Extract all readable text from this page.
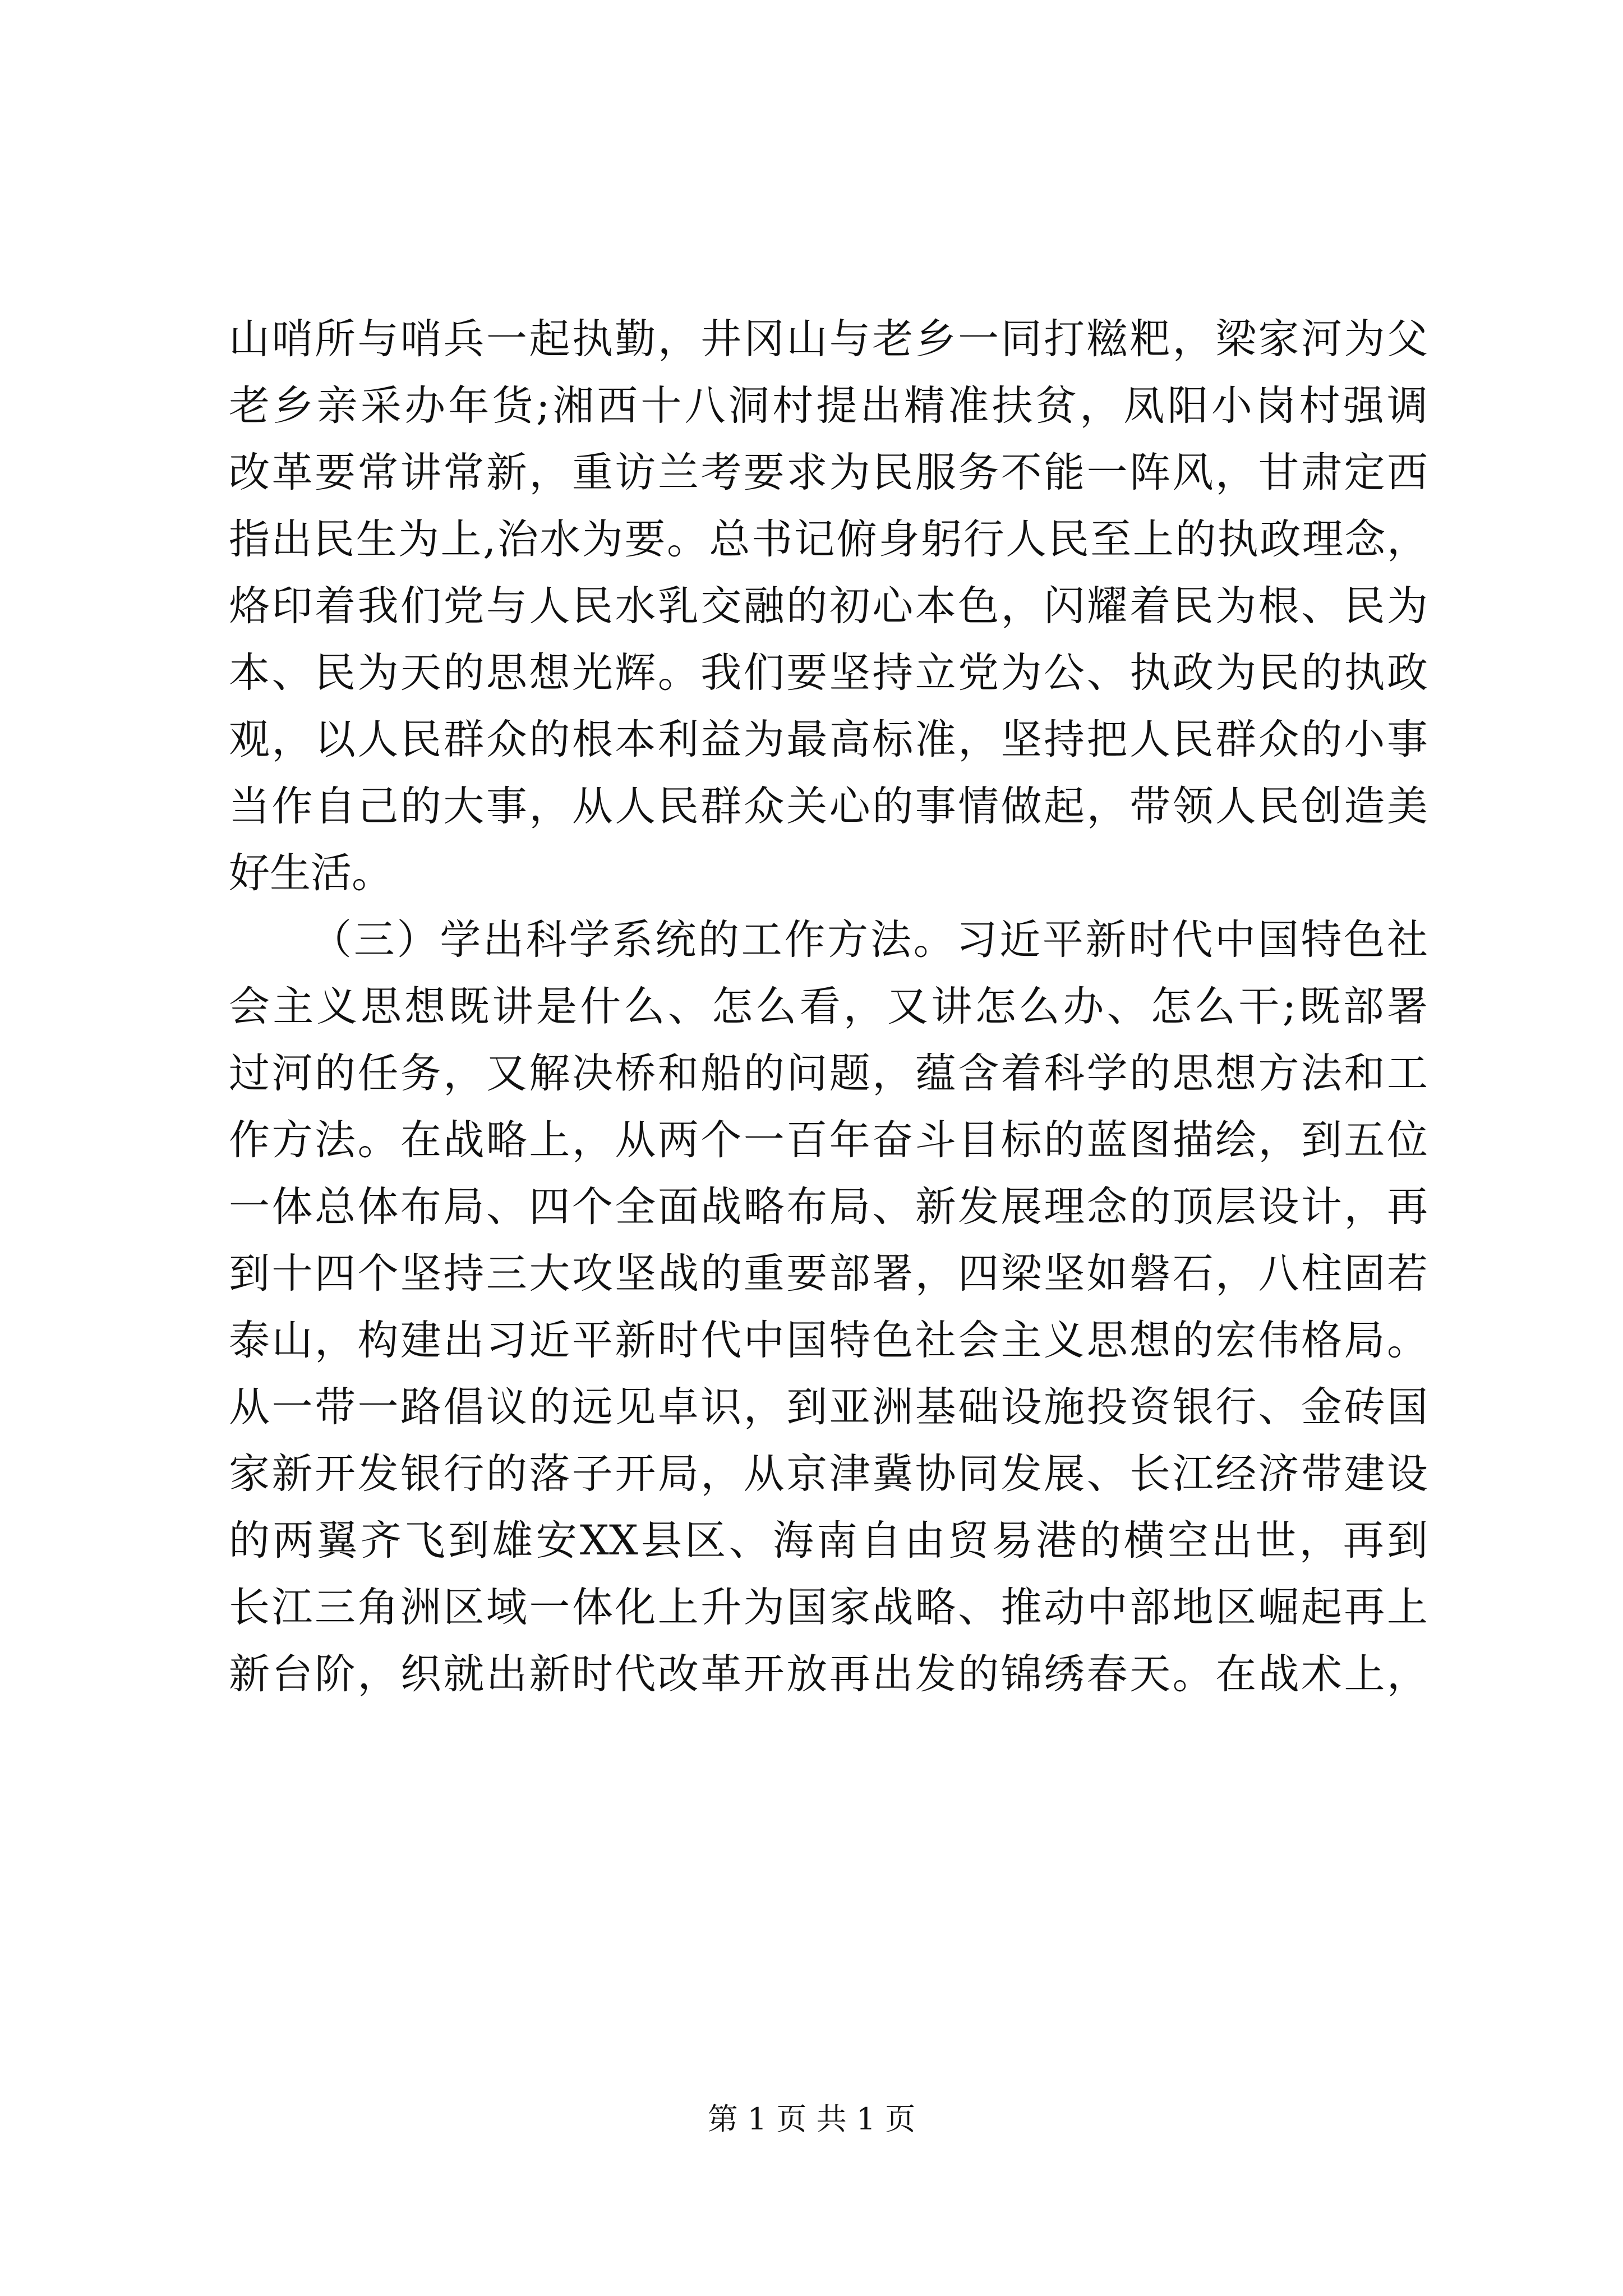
山哨所与哨兵一起执勤，井冈山与老乡一同打糍粑，梁家河为父
老乡亲采办年货;湘西十八洞村提出精准扶贫，凤阳小岗村强调
改革要常讲常新，重访兰考要求为民服务不能一阵风，甘肃定西
指出民生为上,治水为要。总书记俯身躬行人民至上的执政理念，
烙印着我们党与人民水乳交融的初心本色，闪耀着民为根、民为
本、民为天的思想光辉。我们要坚持立党为公、执政为民的执政
观，以人民群众的根本利益为最高标准，坚持把人民群众的小事
当作自己的大事，从人民群众关心的事情做起，带领人民创造美
好生活。
（三）学出科学系统的工作方法。习近平新时代中国特色社
会主义思想既讲是什么、怎么看，又讲怎么办、怎么干;既部署
过河的任务，又解决桥和船的问题，蕴含着科学的思想方法和工
作方法。在战略上，从两个一百年奋斗目标的蓝图描绘，到五位
一体总体布局、四个全面战略布局、新发展理念的顶层设计，再
到十四个坚持三大攻坚战的重要部署，四梁坚如磐石，八柱固若
泰山，构建出习近平新时代中国特色社会主义思想的宏伟格局。
从一带一路倡议的远见卓识，到亚洲基础设施投资银行、金砖国
家新开发银行的落子开局，从京津冀协同发展、长江经济带建设
的两翼齐飞到雄安XX县区、海南自由贸易港的横空出世，再到
长江三角洲区域一体化上升为国家战略、推动中部地区崛起再上
新台阶，织就出新时代改革开放再出发的锦绣春天。在战术上，
第 1 页 共 1 页
